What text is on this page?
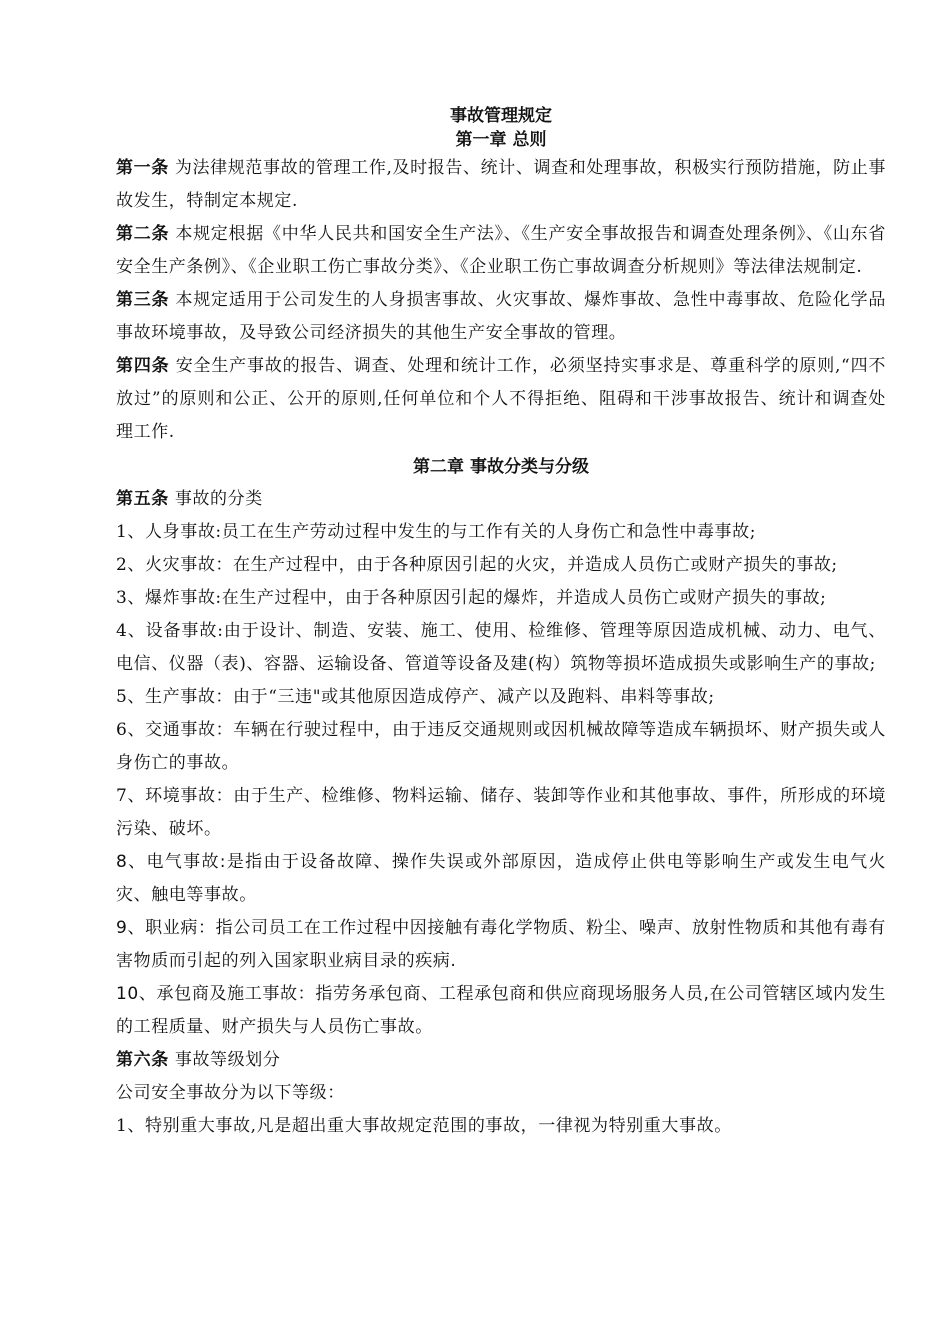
事故管理规定

第一章 总则

第一条 为法律规范事故的管理工作,及时报告、统计、调查和处理事故，积极实行预防措施，防止事故发生，特制定本规定.

第二条 本规定根据《中华人民共和国安全生产法》、《生产安全事故报告和调查处理条例》、《山东省安全生产条例》、《企业职工伤亡事故分类》、《企业职工伤亡事故调查分析规则》等法律法规制定.

第三条 本规定适用于公司发生的人身损害事故、火灾事故、爆炸事故、急性中毒事故、危险化学品事故环境事故，及导致公司经济损失的其他生产安全事故的管理。

第四条 安全生产事故的报告、调查、处理和统计工作，必须坚持实事求是、尊重科学的原则,“四不放过”的原则和公正、公开的原则,任何单位和个人不得拒绝、阻碍和干涉事故报告、统计和调查处理工作.

第二章 事故分类与分级

第五条 事故的分类

1、人身事故:员工在生产劳动过程中发生的与工作有关的人身伤亡和急性中毒事故;

2、火灾事故：在生产过程中，由于各种原因引起的火灾，并造成人员伤亡或财产损失的事故;

3、爆炸事故:在生产过程中，由于各种原因引起的爆炸，并造成人员伤亡或财产损失的事故;

4、设备事故:由于设计、制造、安装、施工、使用、检维修、管理等原因造成机械、动力、电气、电信、仪器（表)、容器、运输设备、管道等设备及建(构）筑物等损坏造成损失或影响生产的事故;

5、生产事故：由于“三违"或其他原因造成停产、减产以及跑料、串料等事故;

6、交通事故：车辆在行驶过程中，由于违反交通规则或因机械故障等造成车辆损坏、财产损失或人身伤亡的事故。

7、环境事故：由于生产、检维修、物料运输、储存、装卸等作业和其他事故、事件，所形成的环境污染、破坏。

8、电气事故:是指由于设备故障、操作失误或外部原因，造成停止供电等影响生产或发生电气火灾、触电等事故。

9、职业病：指公司员工在工作过程中因接触有毒化学物质、粉尘、噪声、放射性物质和其他有毒有害物质而引起的列入国家职业病目录的疾病.

10、承包商及施工事故：指劳务承包商、工程承包商和供应商现场服务人员,在公司管辖区域内发生的工程质量、财产损失与人员伤亡事故。

第六条 事故等级划分

公司安全事故分为以下等级：

1、特别重大事故,凡是超出重大事故规定范围的事故，一律视为特别重大事故。
